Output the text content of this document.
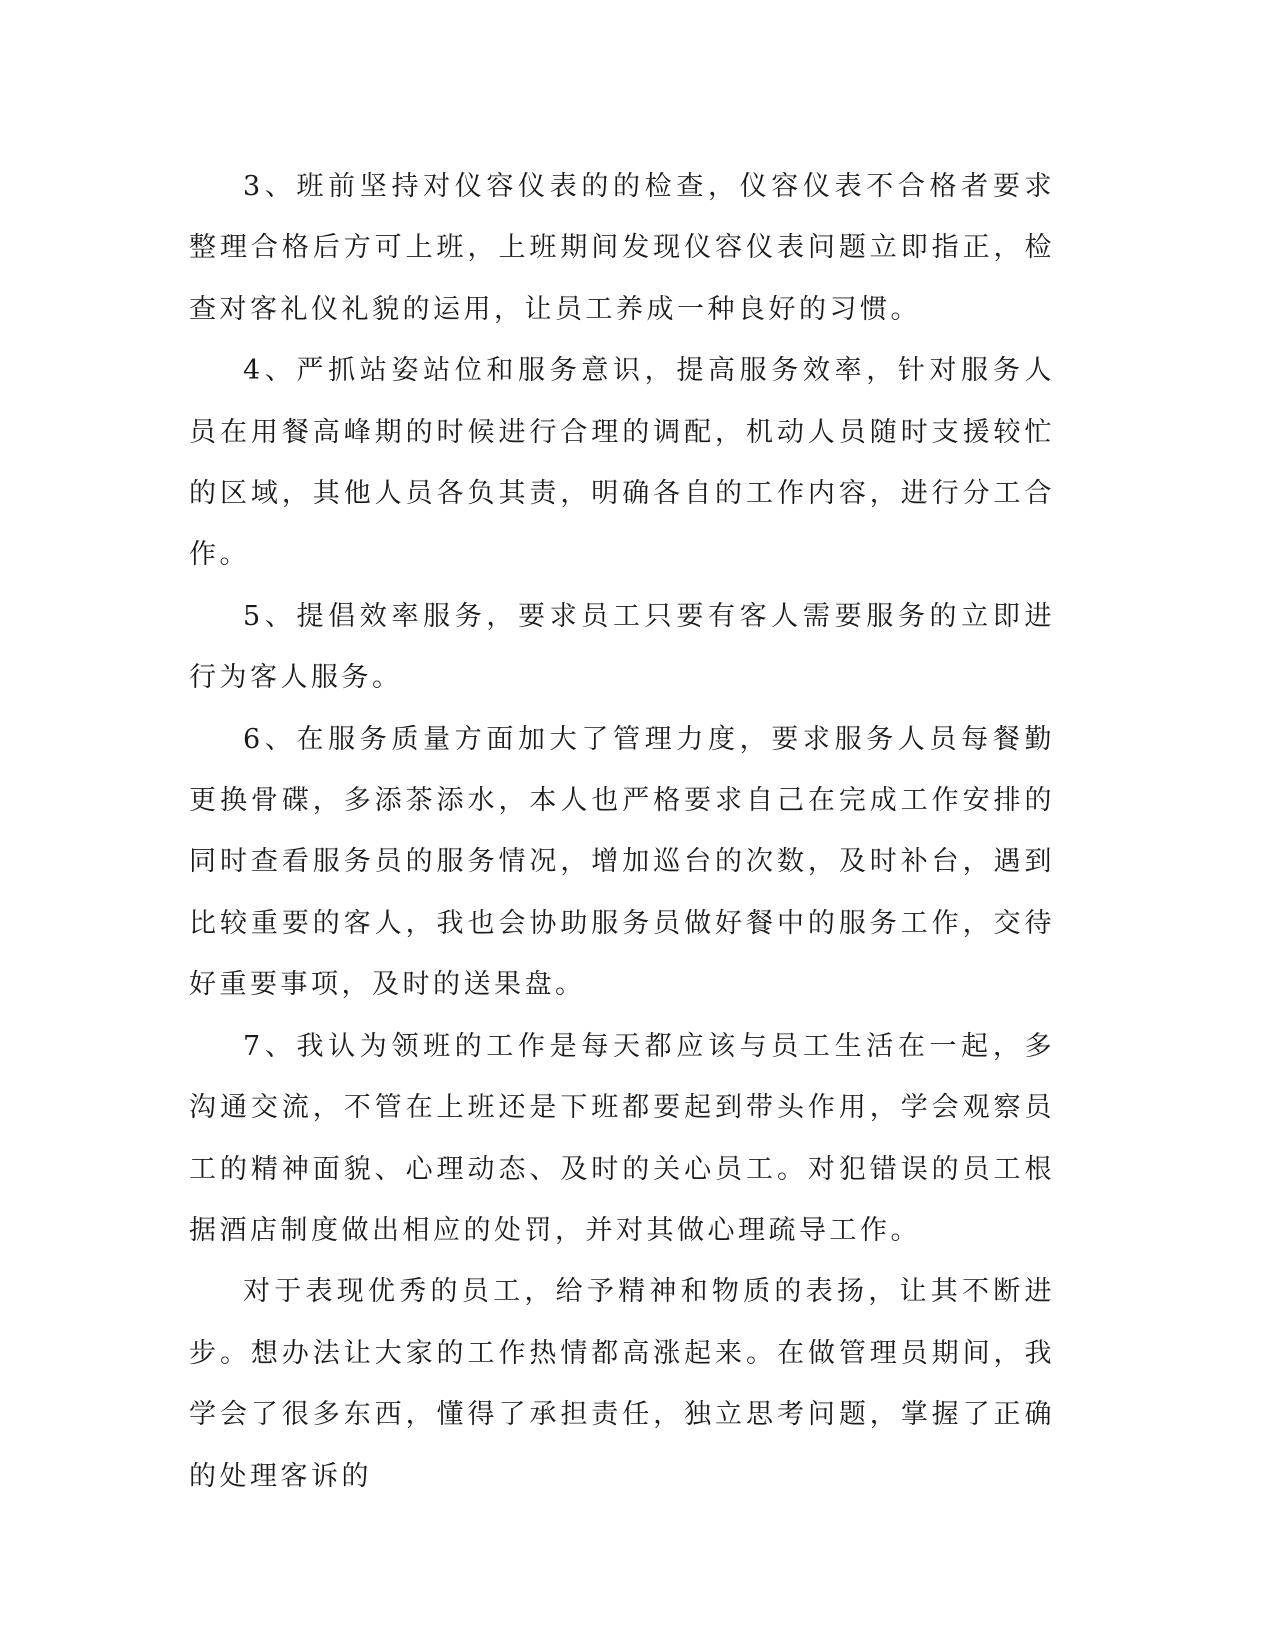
3、班前坚持对仪容仪表的的检查，仪容仪表不合格者要求整理合格后方可上班，上班期间发现仪容仪表问题立即指正，检查对客礼仪礼貌的运用，让员工养成一种良好的习惯。

4、严抓站姿站位和服务意识，提高服务效率，针对服务人员在用餐高峰期的时候进行合理的调配，机动人员随时支援较忙的区域，其他人员各负其责，明确各自的工作内容，进行分工合作。

5、提倡效率服务，要求员工只要有客人需要服务的立即进行为客人服务。

6、在服务质量方面加大了管理力度，要求服务人员每餐勤更换骨碟，多添茶添水，本人也严格要求自己在完成工作安排的同时查看服务员的服务情况，增加巡台的次数，及时补台，遇到比较重要的客人，我也会协助服务员做好餐中的服务工作，交待好重要事项，及时的送果盘。

7、我认为领班的工作是每天都应该与员工生活在一起，多沟通交流，不管在上班还是下班都要起到带头作用，学会观察员工的精神面貌、心理动态、及时的关心员工。对犯错误的员工根据酒店制度做出相应的处罚，并对其做心理疏导工作。

对于表现优秀的员工，给予精神和物质的表扬，让其不断进步。想办法让大家的工作热情都高涨起来。在做管理员期间，我学会了很多东西，懂得了承担责任，独立思考问题，掌握了正确的处理客诉的
